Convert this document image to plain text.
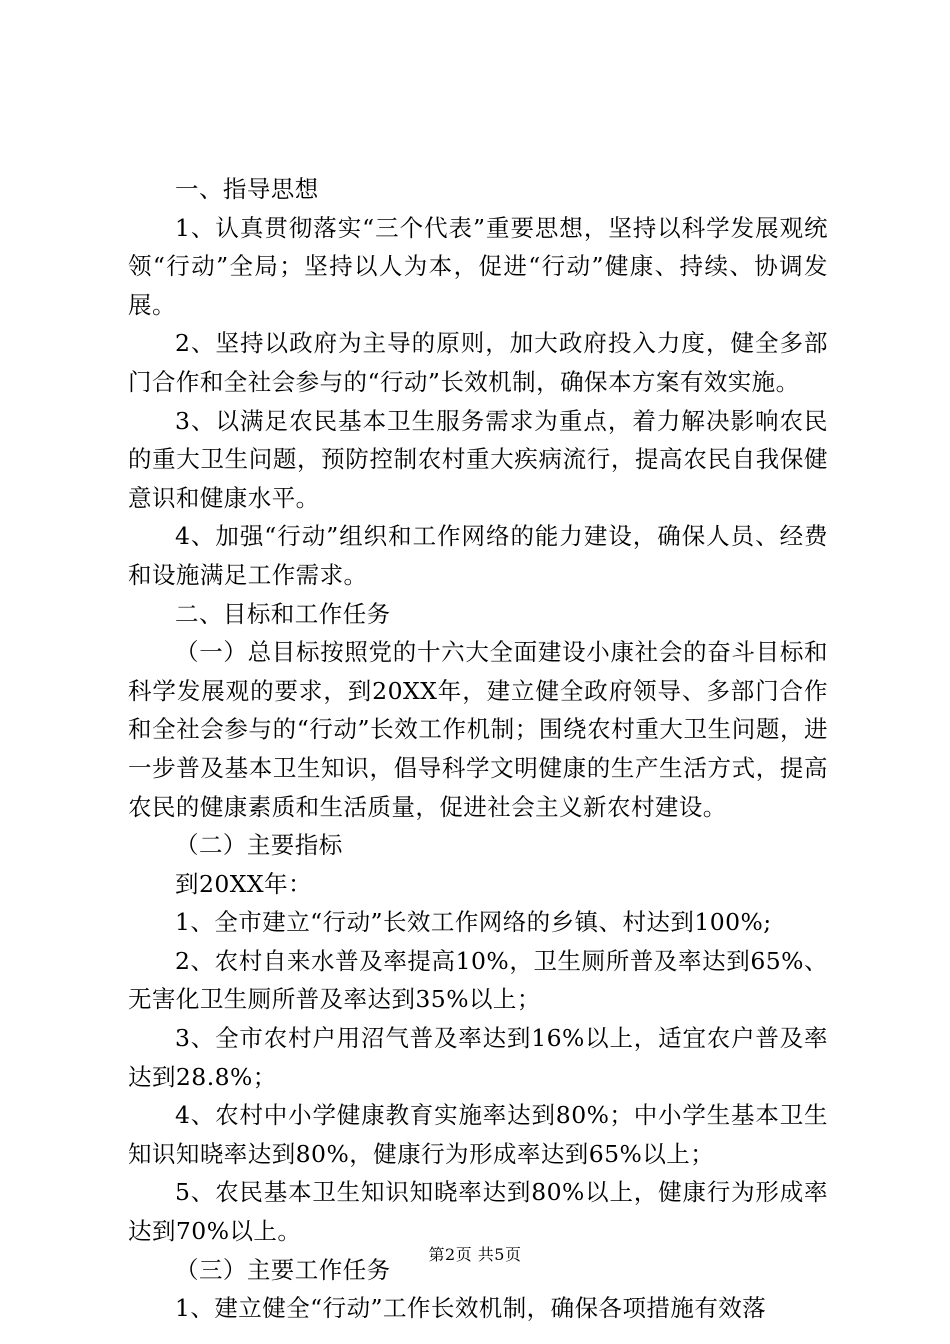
一、指导思想

1、认真贯彻落实“三个代表”重要思想，坚持以科学发展观统领“行动”全局；坚持以人为本，促进“行动”健康、持续、协调发展。

2、坚持以政府为主导的原则，加大政府投入力度，健全多部门合作和全社会参与的“行动”长效机制，确保本方案有效实施。

3、以满足农民基本卫生服务需求为重点，着力解决影响农民的重大卫生问题，预防控制农村重大疾病流行，提高农民自我保健意识和健康水平。

4、加强“行动”组织和工作网络的能力建设，确保人员、经费和设施满足工作需求。

二、目标和工作任务

（一）总目标按照党的十六大全面建设小康社会的奋斗目标和科学发展观的要求，到20XX年，建立健全政府领导、多部门合作和全社会参与的“行动”长效工作机制；围绕农村重大卫生问题，进一步普及基本卫生知识，倡导科学文明健康的生产生活方式，提高农民的健康素质和生活质量，促进社会主义新农村建设。

（二）主要指标

到20XX年：

1、全市建立“行动”长效工作网络的乡镇、村达到100%;

2、农村自来水普及率提高10%，卫生厕所普及率达到65%、无害化卫生厕所普及率达到35%以上；

3、全市农村户用沼气普及率达到16%以上，适宜农户普及率达到28.8%；

4、农村中小学健康教育实施率达到80%；中小学生基本卫生知识知晓率达到80%，健康行为形成率达到65%以上；

5、农民基本卫生知识知晓率达到80%以上，健康行为形成率达到70%以上。

（三）主要工作任务

1、建立健全“行动”工作长效机制，确保各项措施有效落

第2页 共5页
